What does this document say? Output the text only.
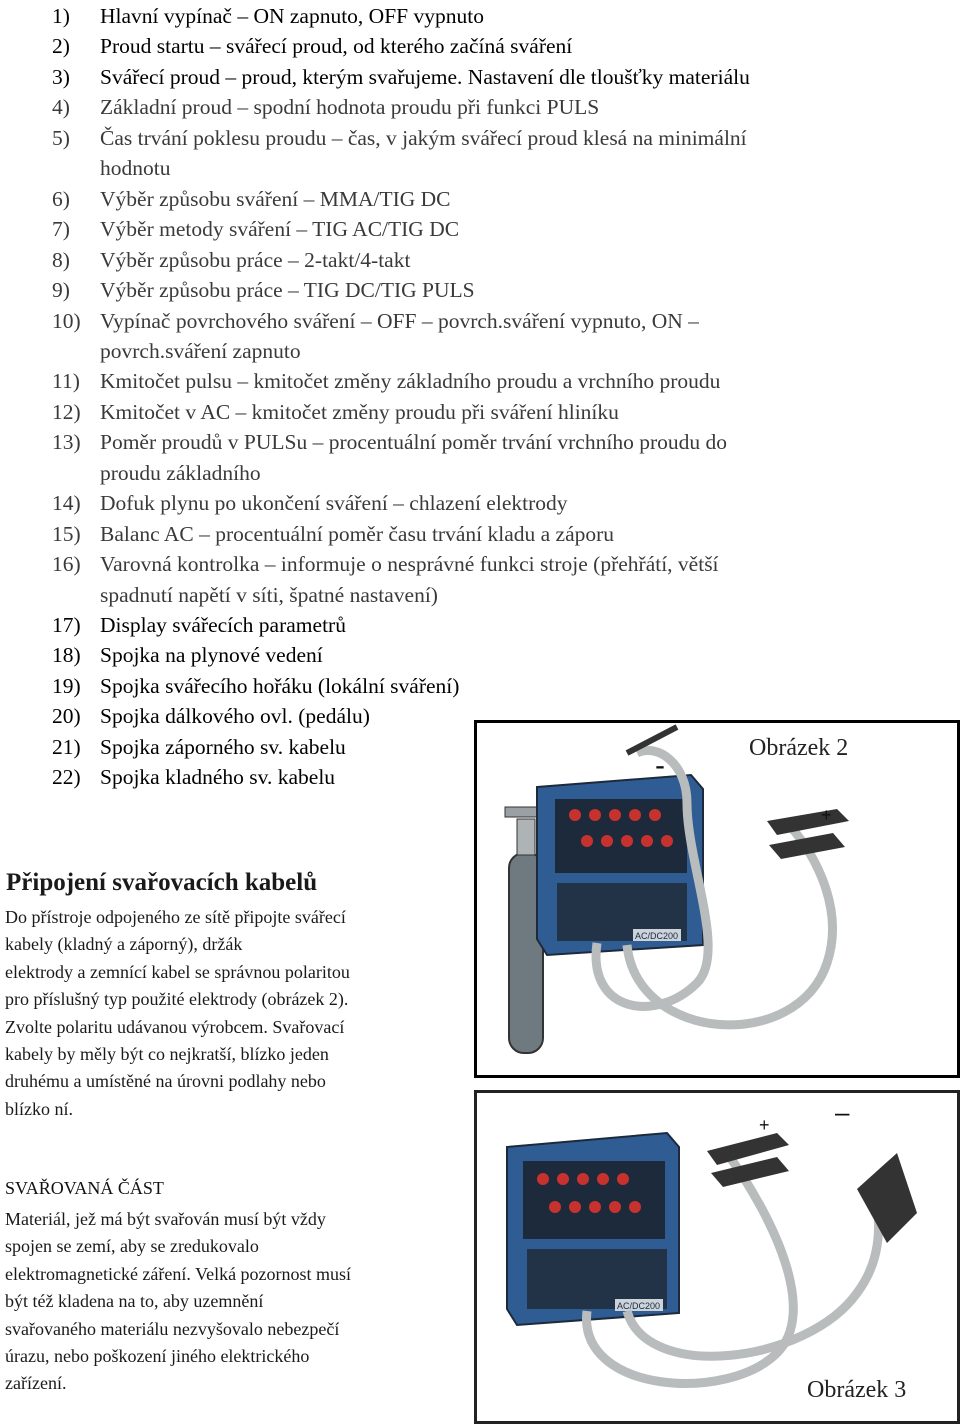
1) Hlavní vypínač – ON zapnuto, OFF vypnuto
2) Proud startu – svářecí proud, od kterého začíná sváření
3) Svářecí proud – proud, kterým svařujeme. Nastavení dle tloušťky materiálu
4) Základní proud – spodní hodnota proudu při funkci PULS
5) Čas trvání poklesu proudu – čas, v jakým svářecí proud klesá na minimální
hodnotu
6) Výběr způsobu sváření – MMA/TIG DC
7) Výběr metody sváření – TIG AC/TIG DC
8) Výběr způsobu práce – 2-takt/4-takt
9) Výběr způsobu práce – TIG DC/TIG PULS
10) Vypínač povrchového sváření – OFF – povrch.sváření vypnuto, ON –
povrch.sváření zapnuto
11) Kmitočet pulsu – kmitočet změny základního proudu a vrchního proudu
12) Kmitočet v AC – kmitočet změny proudu při sváření hliníku
13) Poměr proudů v PULSu – procentuální poměr trvání vrchního proudu do
proudu základního
14) Dofuk plynu po ukončení sváření – chlazení elektrody
15) Balanc AC – procentuální poměr času trvání kladu a záporu
16) Varovná kontrolka – informuje o nesprávné funkci stroje (přehřátí, větší
spadnutí napětí v síti, špatné nastavení)
17) Display svářecích parametrů
18) Spojka na plynové vedení
19) Spojka svářecího hořáku (lokální sváření)
20) Spojka dálkového ovl. (pedálu)
21) Spojka záporného sv. kabelu
22) Spojka kladného sv. kabelu
Připojení svařovacích kabelů
Do přístroje odpojeného ze sítě připojte svářecí
kabely (kladný a záporný), držák
elektrody a zemnící kabel se správnou polaritou
pro příslušný typ použité elektrody (obrázek 2).
Zvolte polaritu udávanou výrobcem. Svařovací
kabely by měly být co nejkratší, blízko jeden
druhému a umístěné na úrovni podlahy nebo
blízko ní.
SVAŘOVANÁ ČÁST
Materiál, jež má být svařován musí být vždy
spojen se zemí, aby se zredukovalo
elektromagnetické záření. Velká pozornost musí
být též kladena na to, aby uzemnění
svařovaného materiálu nezvyšovalo nebezpečí
úrazu, nebo poškození jiného elektrického
zařízení.
AC/DC200
-
+
Obrázek 2
AC/DC200
–
+
Obrázek 3
